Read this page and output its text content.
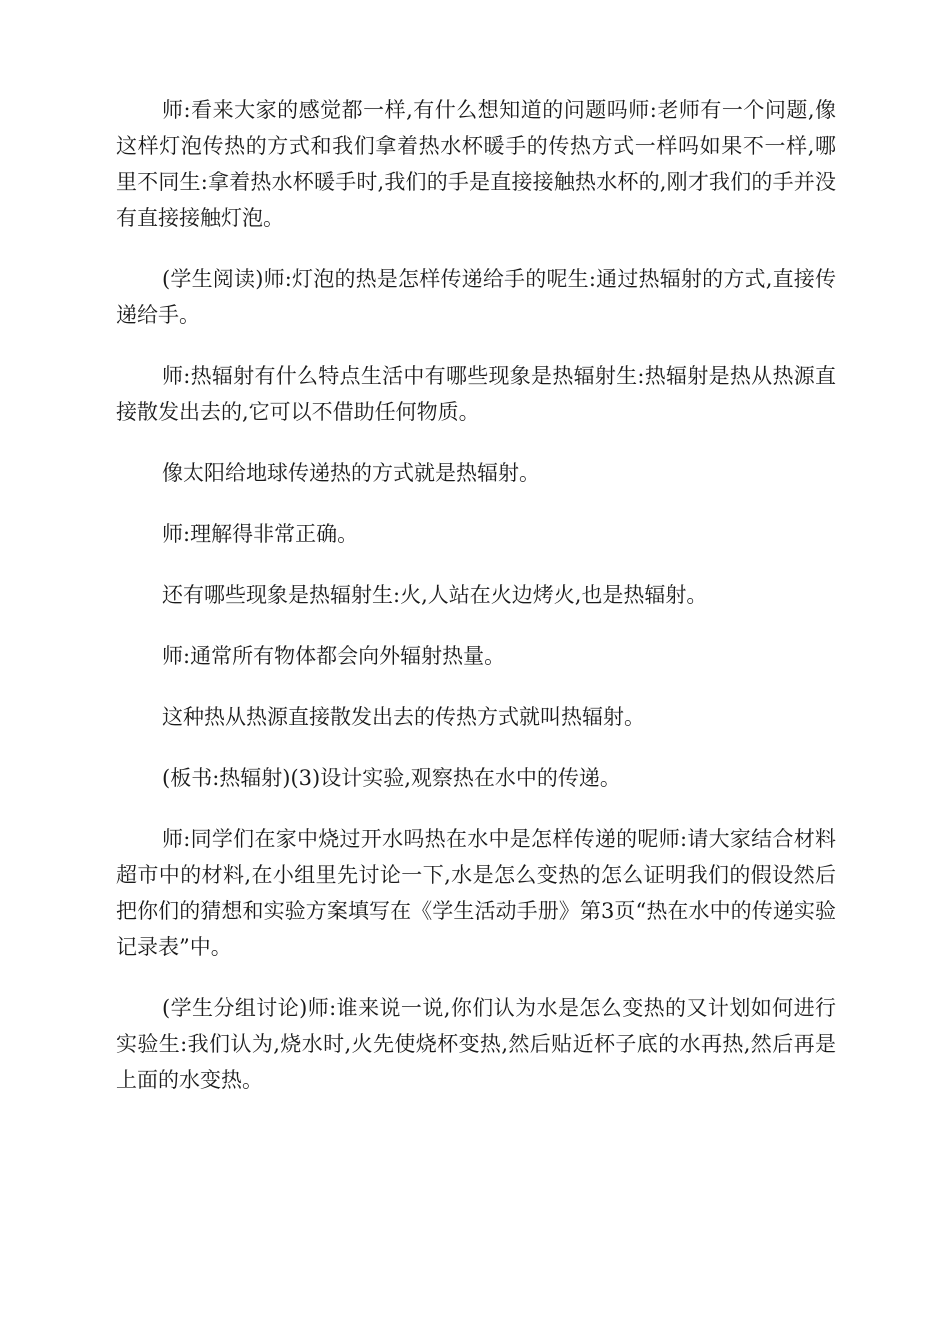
师:看来大家的感觉都一样,有什么想知道的问题吗师:老师有一个问题,像这样灯泡传热的方式和我们拿着热水杯暖手的传热方式一样吗如果不一样,哪里不同生:拿着热水杯暖手时,我们的手是直接接触热水杯的,刚才我们的手并没有直接接触灯泡。

(学生阅读)师:灯泡的热是怎样传递给手的呢生:通过热辐射的方式,直接传递给手。

师:热辐射有什么特点生活中有哪些现象是热辐射生:热辐射是热从热源直接散发出去的,它可以不借助任何物质。

像太阳给地球传递热的方式就是热辐射。

师:理解得非常正确。

还有哪些现象是热辐射生:火,人站在火边烤火,也是热辐射。

师:通常所有物体都会向外辐射热量。

这种热从热源直接散发出去的传热方式就叫热辐射。

(板书:热辐射)(3)设计实验,观察热在水中的传递。

师:同学们在家中烧过开水吗热在水中是怎样传递的呢师:请大家结合材料超市中的材料,在小组里先讨论一下,水是怎么变热的怎么证明我们的假设然后把你们的猜想和实验方案填写在《学生活动手册》第3页“热在水中的传递实验记录表”中。

(学生分组讨论)师:谁来说一说,你们认为水是怎么变热的又计划如何进行实验生:我们认为,烧水时,火先使烧杯变热,然后贴近杯子底的水再热,然后再是上面的水变热。
